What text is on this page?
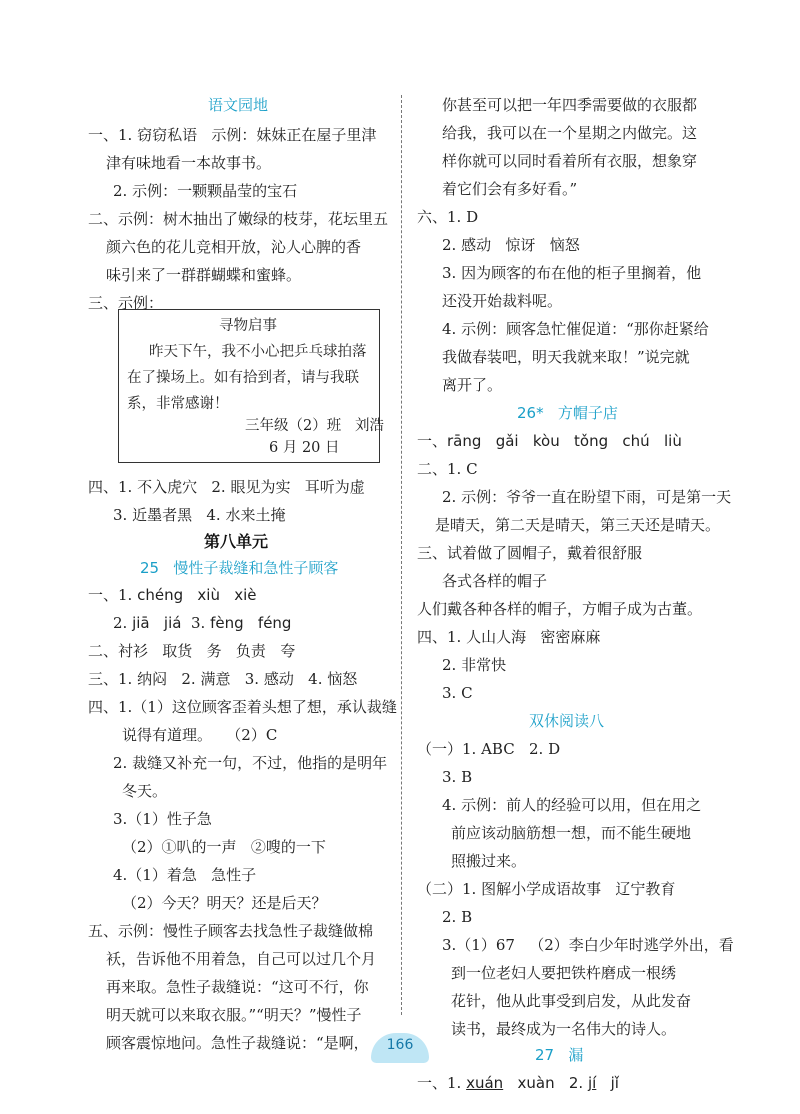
语文园地
一、1. 窃窃私语   示例：妹妹正在屋子里津
津有味地看一本故事书。
2. 示例：一颗颗晶莹的宝石
二、示例：树木抽出了嫩绿的枝芽，花坛里五
颜六色的花儿竞相开放，沁人心脾的香
味引来了一群群蝴蝶和蜜蜂。
三、示例：
寻物启事
昨天下午，我不小心把乒乓球拍落
在了操场上。如有拾到者，请与我联
系，非常感谢！
三年级（2）班   刘浩
6 月 20 日
四、1. 不入虎穴   2. 眼见为实   耳听为虚
3. 近墨者黑   4. 水来土掩
第八单元
25   慢性子裁缝和急性子顾客
一、1. chéng   xiù   xiè
2. jiā   jiá  3. fèng   féng
二、衬衫   取货   务   负责   夸
三、1. 纳闷   2. 满意   3. 感动   4. 恼怒
四、1.（1）这位顾客歪着头想了想，承认裁缝
说得有道理。   （2）C
2. 裁缝又补充一句，不过，他指的是明年
冬天。
3.（1）性子急
（2）①叭的一声   ②嗖的一下
4.（1）着急   急性子
（2）今天？明天？还是后天？
五、示例：慢性子顾客去找急性子裁缝做棉
袄，告诉他不用着急，自己可以过几个月
再来取。急性子裁缝说：“这可不行，你
明天就可以来取衣服。”“明天？”慢性子
顾客震惊地问。急性子裁缝说：“是啊，
你甚至可以把一年四季需要做的衣服都
给我，我可以在一个星期之内做完。这
样你就可以同时看着所有衣服，想象穿
着它们会有多好看。”
六、1. D
2. 感动   惊讶   恼怒
3. 因为顾客的布在他的柜子里搁着，他
还没开始裁料呢。
4. 示例：顾客急忙催促道：“那你赶紧给
我做春装吧，明天我就来取！”说完就
离开了。
26*   方帽子店
一、rāng   gǎi   kòu   tǒng   chú   liù
二、1. C
2. 示例：爷爷一直在盼望下雨，可是第一天
是晴天，第二天是晴天，第三天还是晴天。
三、试着做了圆帽子，戴着很舒服
各式各样的帽子
人们戴各种各样的帽子，方帽子成为古董。
四、1. 人山人海   密密麻麻
2. 非常快
3. C
双休阅读八
（一）1. ABC   2. D
3. B
4. 示例：前人的经验可以用，但在用之
前应该动脑筋想一想，而不能生硬地
照搬过来。
（二）1. 图解小学成语故事   辽宁教育
2. B
3.（1）67   （2）李白少年时逃学外出，看
到一位老妇人要把铁杵磨成一根绣
花针，他从此事受到启发，从此发奋
读书，最终成为一名伟大的诗人。
27   漏
一、1. xuán   xuàn   2. jí   jǐ
166
